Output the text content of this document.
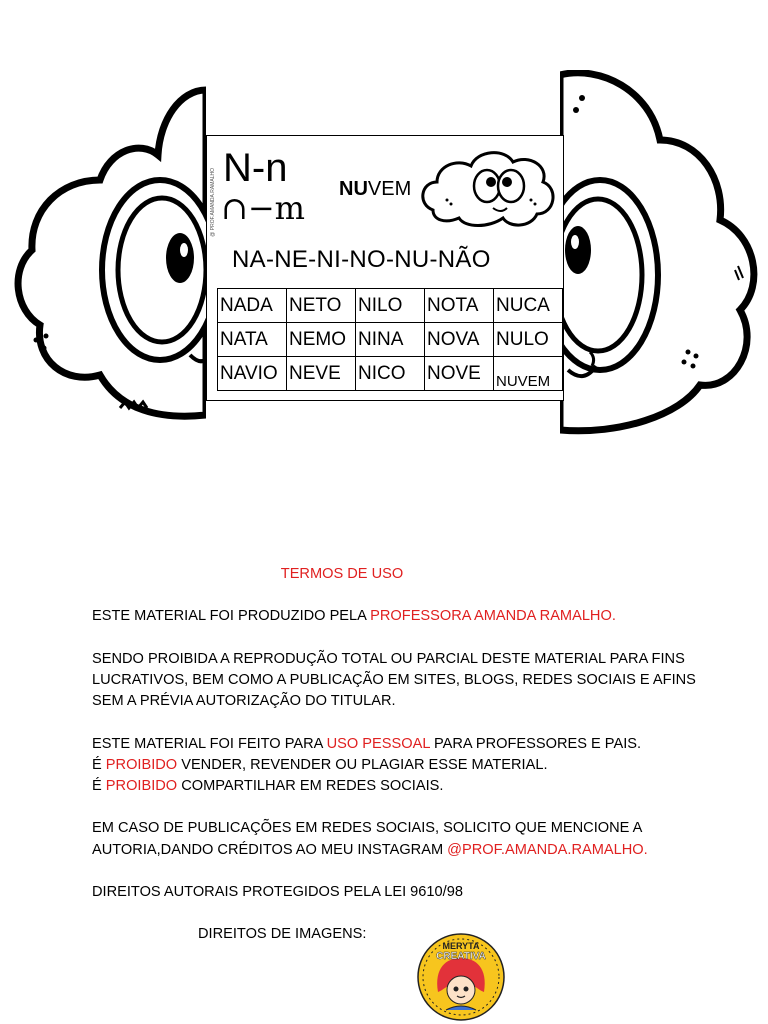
N-n
∩−m
@ PROF.AMANDA.RAMALHO	NUVEM
NA-NE-NI-NO-NU-NÃO
NADA	NETO	NILO	NOTA	NUCA
NATA	NEMO	NINA	NOVA	NULO
NAVIO	NEVE	NICO	NOVE	NUVEM

TERMOS DE USO

ESTE MATERIAL FOI PRODUZIDO PELA PROFESSORA AMANDA RAMALHO.

SENDO PROIBIDA A REPRODUÇÃO TOTAL OU PARCIAL DESTE MATERIAL PARA FINS
LUCRATIVOS, BEM COMO A PUBLICAÇÃO EM SITES, BLOGS, REDES SOCIAIS E AFINS
SEM A PRÉVIA AUTORIZAÇÃO DO TITULAR.

ESTE MATERIAL FOI FEITO PARA USO PESSOAL PARA PROFESSORES E PAIS.
É PROIBIDO VENDER, REVENDER OU PLAGIAR ESSE MATERIAL.
É PROIBIDO COMPARTILHAR EM REDES SOCIAIS.

EM CASO DE PUBLICAÇÕES EM REDES SOCIAIS, SOLICITO QUE MENCIONE A
AUTORIA,DANDO CRÉDITOS AO MEU INSTAGRAM @PROF.AMANDA.RAMALHO.

DIREITOS AUTORAIS PROTEGIDOS PELA LEI 9610/98

DIREITOS DE IMAGENS:

MERYTA
CREATIVA
